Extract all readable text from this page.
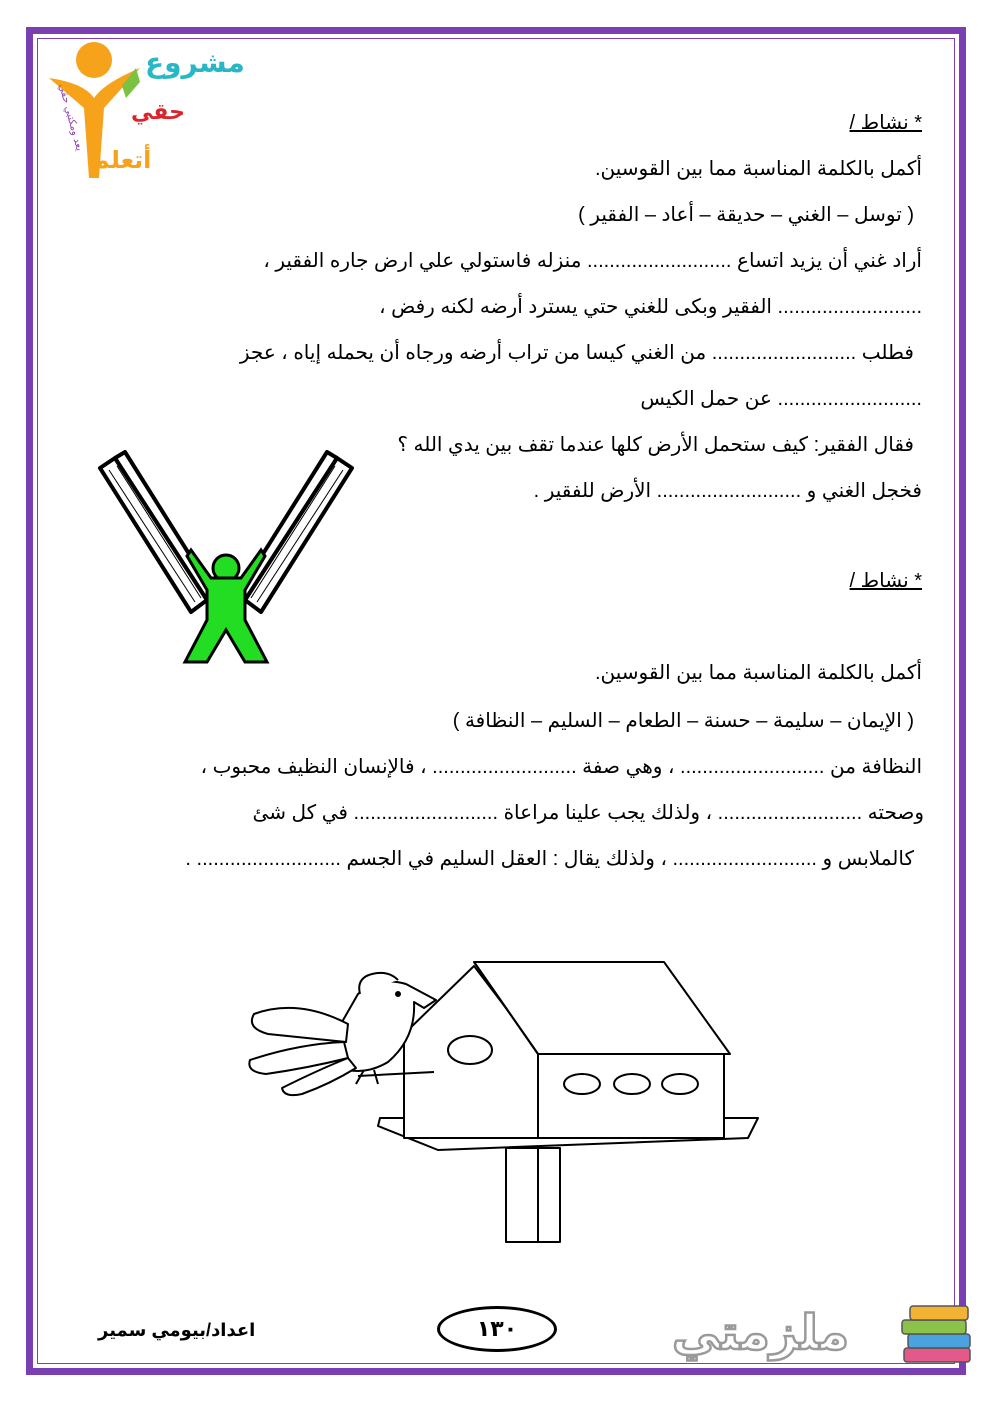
مشروع
حقي
أتعلم
يعد ومكتبي حقي	* نشاط /
أكمل بالكلمة المناسبة مما بين القوسين.
( توسل – الغني – حديقة – أعاد – الفقير )
أراد غني أن يزيد اتساع .......................... منزله فاستولي علي ارض جاره الفقير ،
.......................... الفقير وبكى للغني حتي يسترد أرضه لكنه رفض ،
فطلب .......................... من الغني كيسا من تراب أرضه ورجاه أن يحمله إياه ، عجز
.......................... عن حمل الكيس
فقال الفقير: كيف ستحمل الأرض كلها عندما تقف بين يدي الله ؟
فخجل الغني و .......................... الأرض للفقير .
* نشاط /
أكمل بالكلمة المناسبة مما بين القوسين.
( الإيمان – سليمة – حسنة – الطعام – السليم – النظافة )
النظافة من .......................... ، وهي صفة .......................... ، فالإنسان النظيف محبوب ،
وصحته .......................... ، ولذلك يجب علينا مراعاة .......................... في كل شئ
كالملابس و .......................... ، ولذلك يقال : العقل السليم في الجسم .......................... .
١٣٠
اعداد/بيومي سمير	ملزمتي
